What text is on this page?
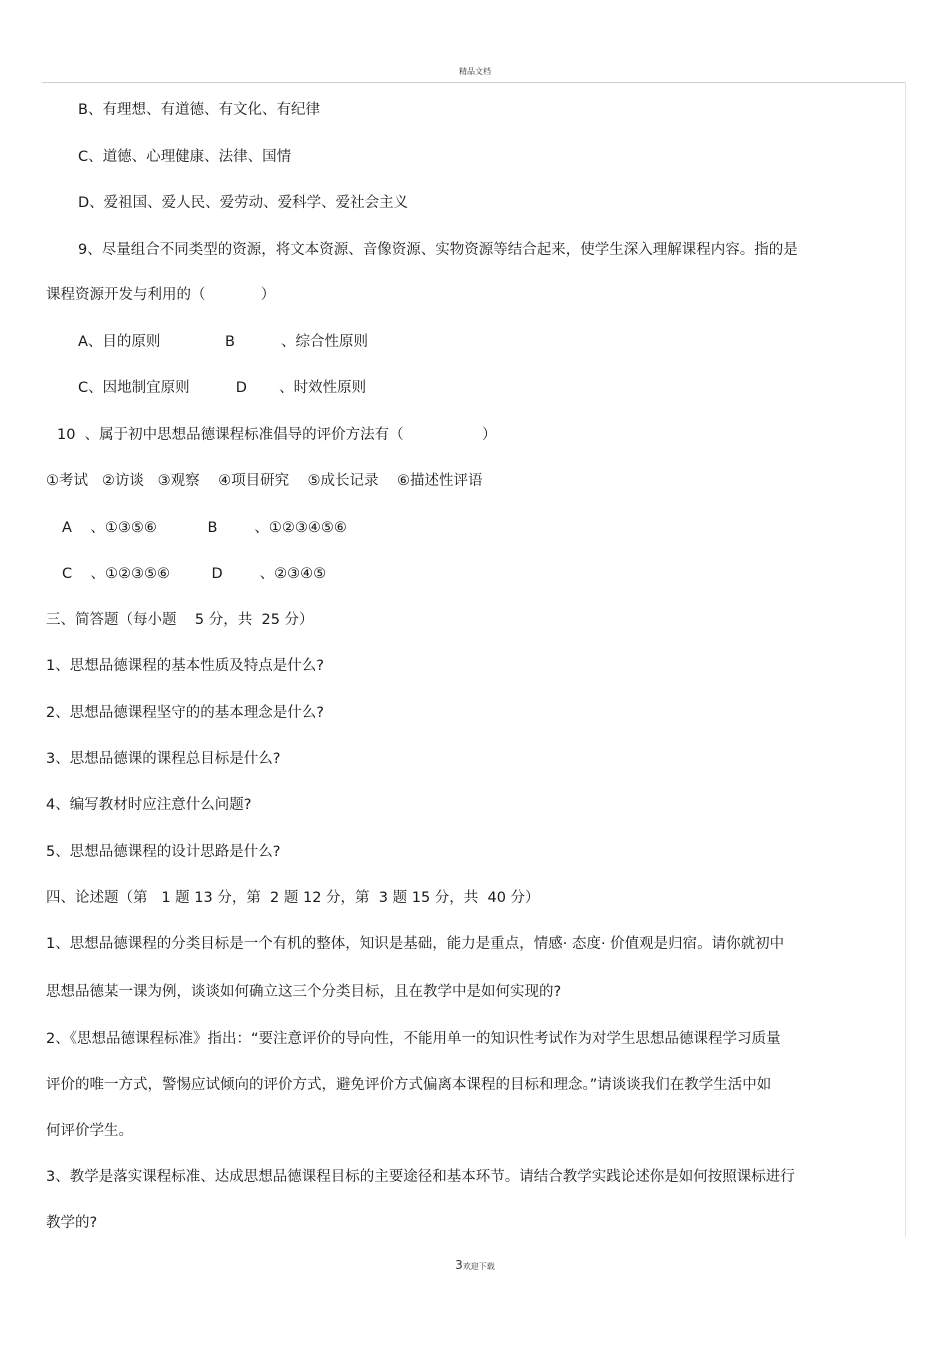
精品文档
B、有理想、有道德、有文化、有纪律
C、道德、心理健康、法律、国情
D、爱祖国、爱人民、爱劳动、爱科学、爱社会主义
9、尽量组合不同类型的资源，将文本资源、音像资源、实物资源等结合起来，使学生深入理解课程内容。指的是
课程资源开发与利用的（            ）
A、目的原则              B          、综合性原则
C、因地制宜原则          D       、时效性原则
10  、属于初中思想品德课程标准倡导的评价方法有（                 ）
①考试   ②访谈   ③观察    ④项目研究    ⑤成长记录    ⑥描述性评语
A    、①③⑤⑥           B        、①②③④⑤⑥
C    、①②③⑤⑥         D        、②③④⑤
三、简答题（每小题    5 分，共  25 分）
1、思想品德课程的基本性质及特点是什么?
2、思想品德课程坚守的的基本理念是什么?
3、思想品德课的课程总目标是什么?
4、编写教材时应注意什么问题?
5、思想品德课程的设计思路是什么?
四、论述题（第   1 题 13 分，第  2 题 12 分，第  3 题 15 分，共  40 分）
1、思想品德课程的分类目标是一个有机的整体，知识是基础，能力是重点，情感· 态度· 价值观是归宿。请你就初中
思想品德某一课为例，谈谈如何确立这三个分类目标，且在教学中是如何实现的?
2、《思想品德课程标准》指出：“要注意评价的导向性，不能用单一的知识性考试作为对学生思想品德课程学习质量
评价的唯一方式，警惕应试倾向的评价方式，避免评价方式偏离本课程的目标和理念。”请谈谈我们在教学生活中如
何评价学生。
3、教学是落实课程标准、达成思想品德课程目标的主要途径和基本环节。请结合教学实践论述你是如何按照课标进行
教学的?
3欢迎下载
